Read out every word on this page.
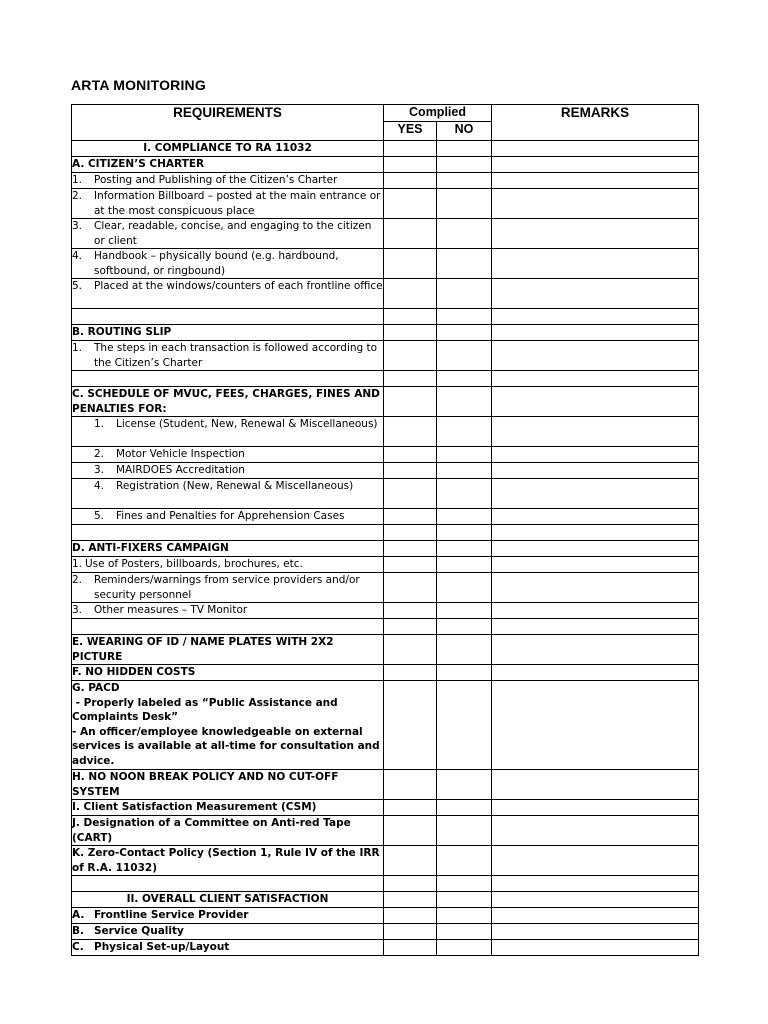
ARTA MONITORING
REQUIREMENTS	Complied		REMARKS
	YES	NO	

I. COMPLIANCE TO RA 11032			

A. CITIZEN’S CHARTER			

1. Posting and Publishing of the Citizen’s Charter			

2. Information Billboard – posted at the main entrance or at the most conspicuous place			

3. Clear, readable, concise, and engaging to the citizen or client			

4. Handbook – physically bound (e.g. hardbound, softbound, or ringbound)			

5. Placed at the windows/counters of each frontline office			

B. ROUTING SLIP			

1. The steps in each transaction is followed according to the Citizen’s Charter			

C. SCHEDULE OF MVUC, FEES, CHARGES, FINES AND PENALTIES FOR:			

1. License (Student, New, Renewal & Miscellaneous)			

2. Motor Vehicle Inspection			

3. MAIRDOES Accreditation			

4. Registration (New, Renewal & Miscellaneous)			

5. Fines and Penalties for Apprehension Cases			

D. ANTI-FIXERS CAMPAIGN			

1. Use of Posters, billboards, brochures, etc.			

2. Reminders/warnings from service providers and/or security personnel			

3. Other measures – TV Monitor			

E. WEARING OF ID / NAME PLATES WITH 2X2 PICTURE			

F. NO HIDDEN COSTS			

G. PACD
- Properly labeled as “Public Assistance and Complaints Desk”
- An officer/employee knowledgeable on external services is available at all-time for consultation and advice.			

H. NO NOON BREAK POLICY AND NO CUT-OFF SYSTEM			

I. Client Satisfaction Measurement (CSM)			

J. Designation of a Committee on Anti-red Tape (CART)			

K. Zero-Contact Policy (Section 1, Rule IV of the IRR of R.A. 11032)			

II. OVERALL CLIENT SATISFACTION			

A. Frontline Service Provider			

B. Service Quality			

C. Physical Set-up/Layout			
